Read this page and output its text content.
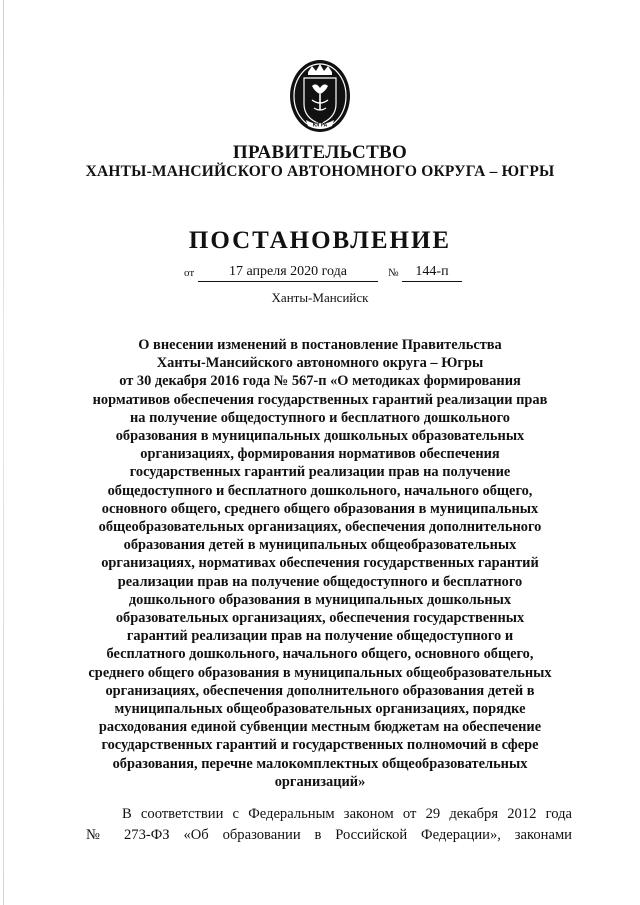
ЮГРА
ПРАВИТЕЛЬСТВО
ХАНТЫ-МАНСИЙСКОГО АВТОНОМНОГО ОКРУГА – ЮГРЫ
ПОСТАНОВЛЕНИЕ
от	17 апреля 2020 года	№	144-п
Ханты-Мансийск
О внесении изменений в постановление Правительства
Ханты-Мансийского автономного округа – Югры
от 30 декабря 2016 года № 567-п «О методиках формирования
нормативов обеспечения государственных гарантий реализации прав
на получение общедоступного и бесплатного дошкольного
образования в муниципальных дошкольных образовательных
организациях, формирования нормативов обеспечения
государственных гарантий реализации прав на получение
общедоступного и бесплатного дошкольного, начального общего,
основного общего, среднего общего образования в муниципальных
общеобразовательных организациях, обеспечения дополнительного
образования детей в муниципальных общеобразовательных
организациях, нормативах обеспечения государственных гарантий
реализации прав на получение общедоступного и бесплатного
дошкольного образования в муниципальных дошкольных
образовательных организациях, обеспечения государственных
гарантий реализации прав на получение общедоступного и
бесплатного дошкольного, начального общего, основного общего,
среднего общего образования в муниципальных общеобразовательных
организациях, обеспечения дополнительного образования детей в
муниципальных общеобразовательных организациях, порядке
расходования единой субвенции местным бюджетам на обеспечение
государственных гарантий и государственных полномочий в сфере
образования, перечне малокомплектных общеобразовательных
организаций»
В соответствии с Федеральным законом от 29 декабря 2012 года
№ 273-ФЗ «Об образовании в Российской Федерации», законами
